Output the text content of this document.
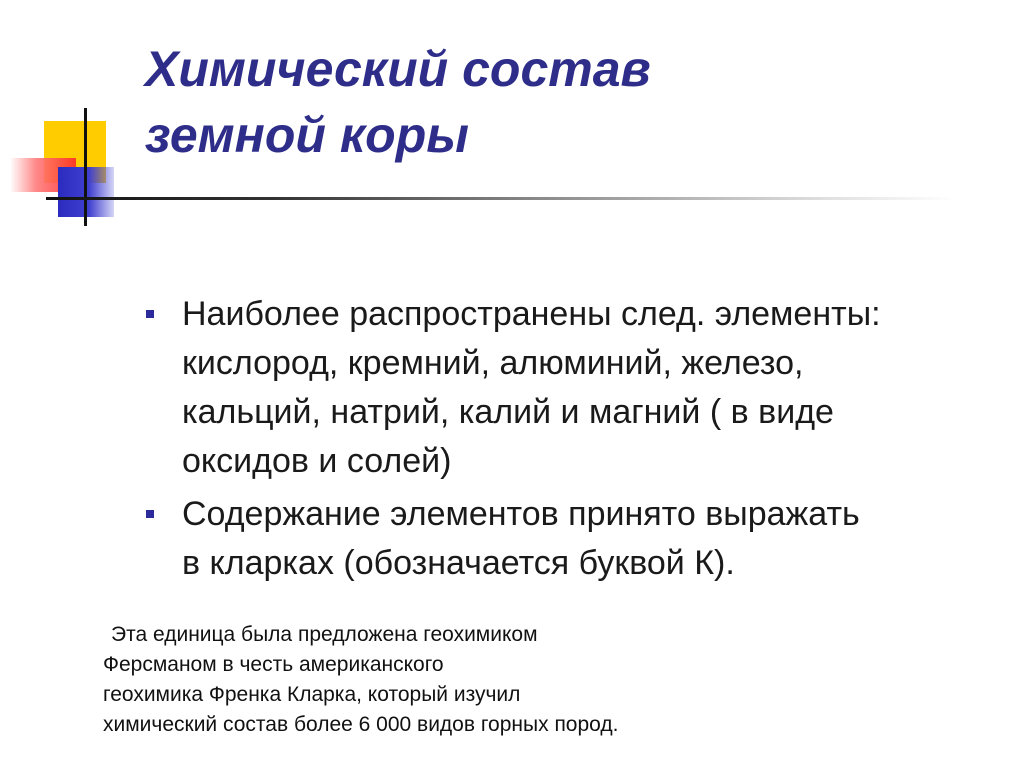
Химический состав
земной коры
Наиболее распространены след. элементы:
кислород, кремний, алюминий, железо,
кальций, натрий, калий и магний ( в виде
оксидов и солей)
Содержание элементов принято выражать
в кларках (обозначается буквой К).

Эта единица была предложена геохимиком
Ферсманом в честь американского
геохимика Френка Кларка, который изучил
химический состав более 6 000 видов горных пород.
